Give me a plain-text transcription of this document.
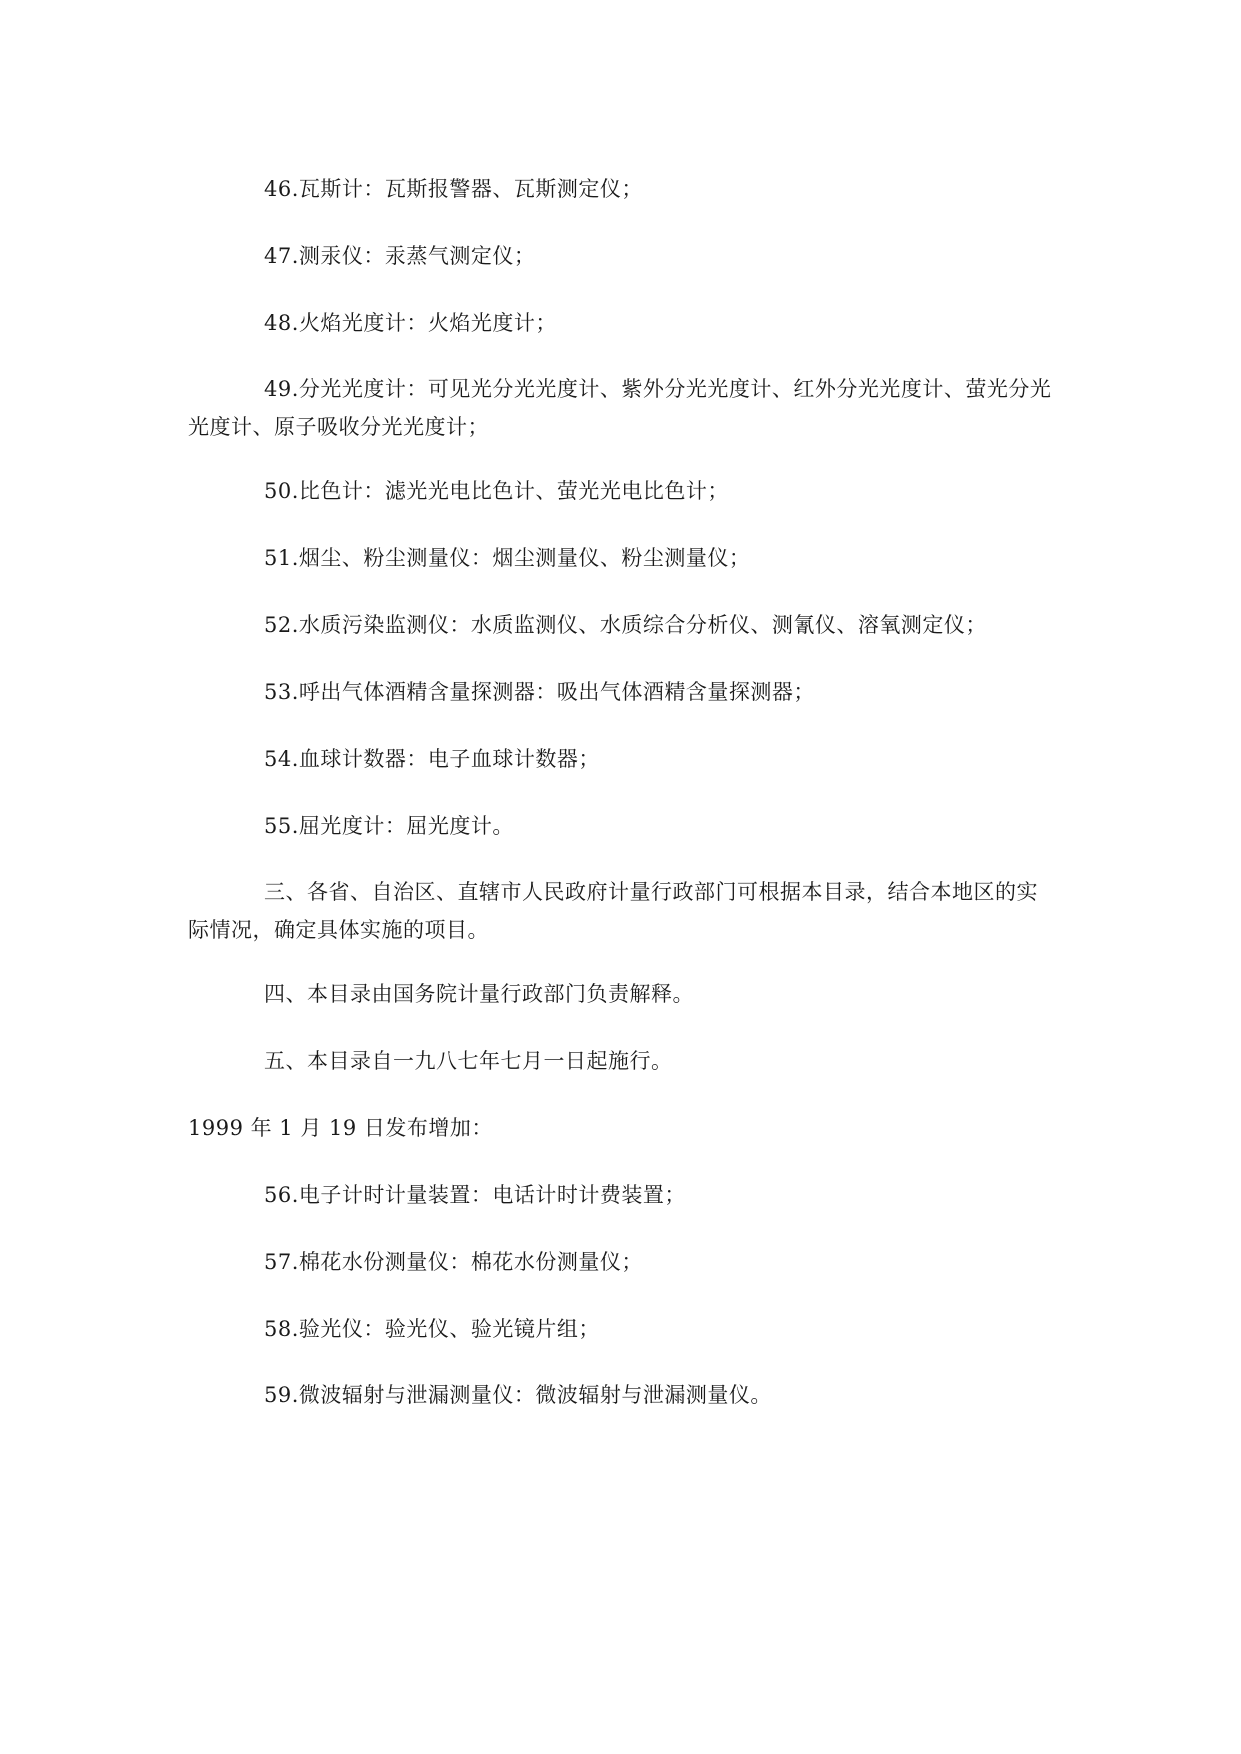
46.瓦斯计：瓦斯报警器、瓦斯测定仪；

47.测汞仪：汞蒸气测定仪；

48.火焰光度计：火焰光度计；

49.分光光度计：可见光分光光度计、紫外分光光度计、红外分光光度计、萤光分光光度计、原子吸收分光光度计；

50.比色计：滤光光电比色计、萤光光电比色计；

51.烟尘、粉尘测量仪：烟尘测量仪、粉尘测量仪；

52.水质污染监测仪：水质监测仪、水质综合分析仪、测氰仪、溶氧测定仪；

53.呼出气体酒精含量探测器：吸出气体酒精含量探测器；

54.血球计数器：电子血球计数器；

55.屈光度计：屈光度计。

三、各省、自治区、直辖市人民政府计量行政部门可根据本目录，结合本地区的实际情况，确定具体实施的项目。

四、本目录由国务院计量行政部门负责解释。

五、本目录自一九八七年七月一日起施行。

1999 年 1 月 19 日发布增加：

56.电子计时计量装置：电话计时计费装置；

57.棉花水份测量仪：棉花水份测量仪；

58.验光仪：验光仪、验光镜片组；

59.微波辐射与泄漏测量仪：微波辐射与泄漏测量仪。
